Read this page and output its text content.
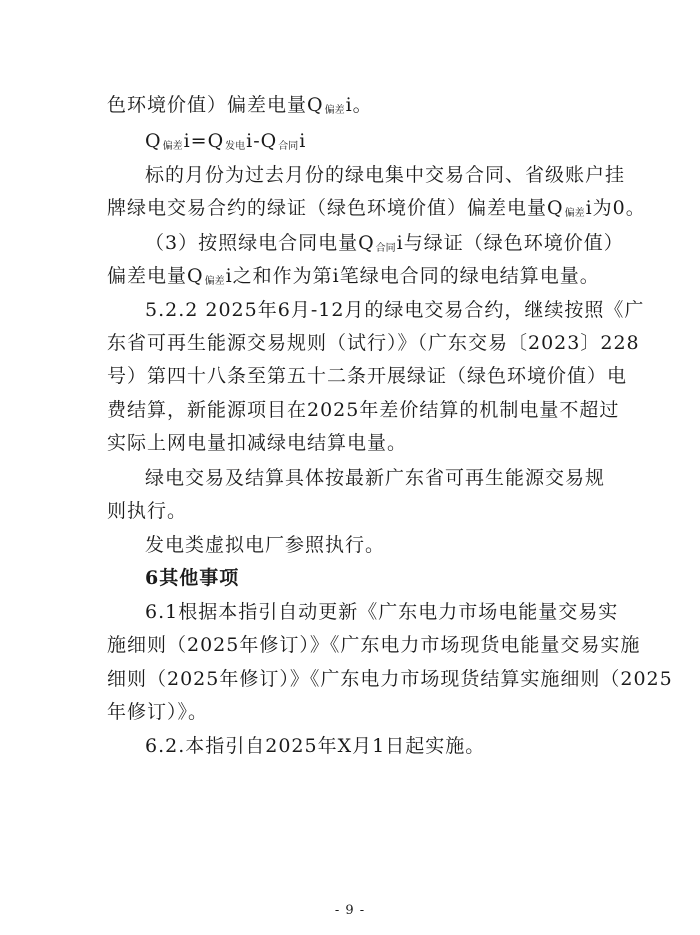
色环境价值）偏差电量$Q_{偏差}i$。
$Q_{偏差}i=Q_{发电}i-Q_{合同}i$
标的月份为过去月份的绿电集中交易合同、省级账户挂
牌绿电交易合约的绿证（绿色环境价值）偏差电量$Q_{偏差}i$为0。
（3）按照绿电合同电量$Q_{合同}i$与绿证（绿色环境价值）
偏差电量$Q_{偏差}i$之和作为第i笔绿电合同的绿电结算电量。
5.2.2 2025年6月-12月的绿电交易合约，继续按照《广
东省可再生能源交易规则（试行）》（广东交易〔2023〕228
号）第四十八条至第五十二条开展绿证（绿色环境价值）电
费结算，新能源项目在2025年差价结算的机制电量不超过
实际上网电量扣减绿电结算电量。
绿电交易及结算具体按最新广东省可再生能源交易规
则执行。
发电类虚拟电厂参照执行。
6其他事项
6.1根据本指引自动更新《广东电力市场电能量交易实
施细则（2025年修订）》《广东电力市场现货电能量交易实施
细则（2025年修订）》《广东电力市场现货结算实施细则（2025
年修订）》。
6.2.本指引自2025年X月1日起实施。
- 9 -
